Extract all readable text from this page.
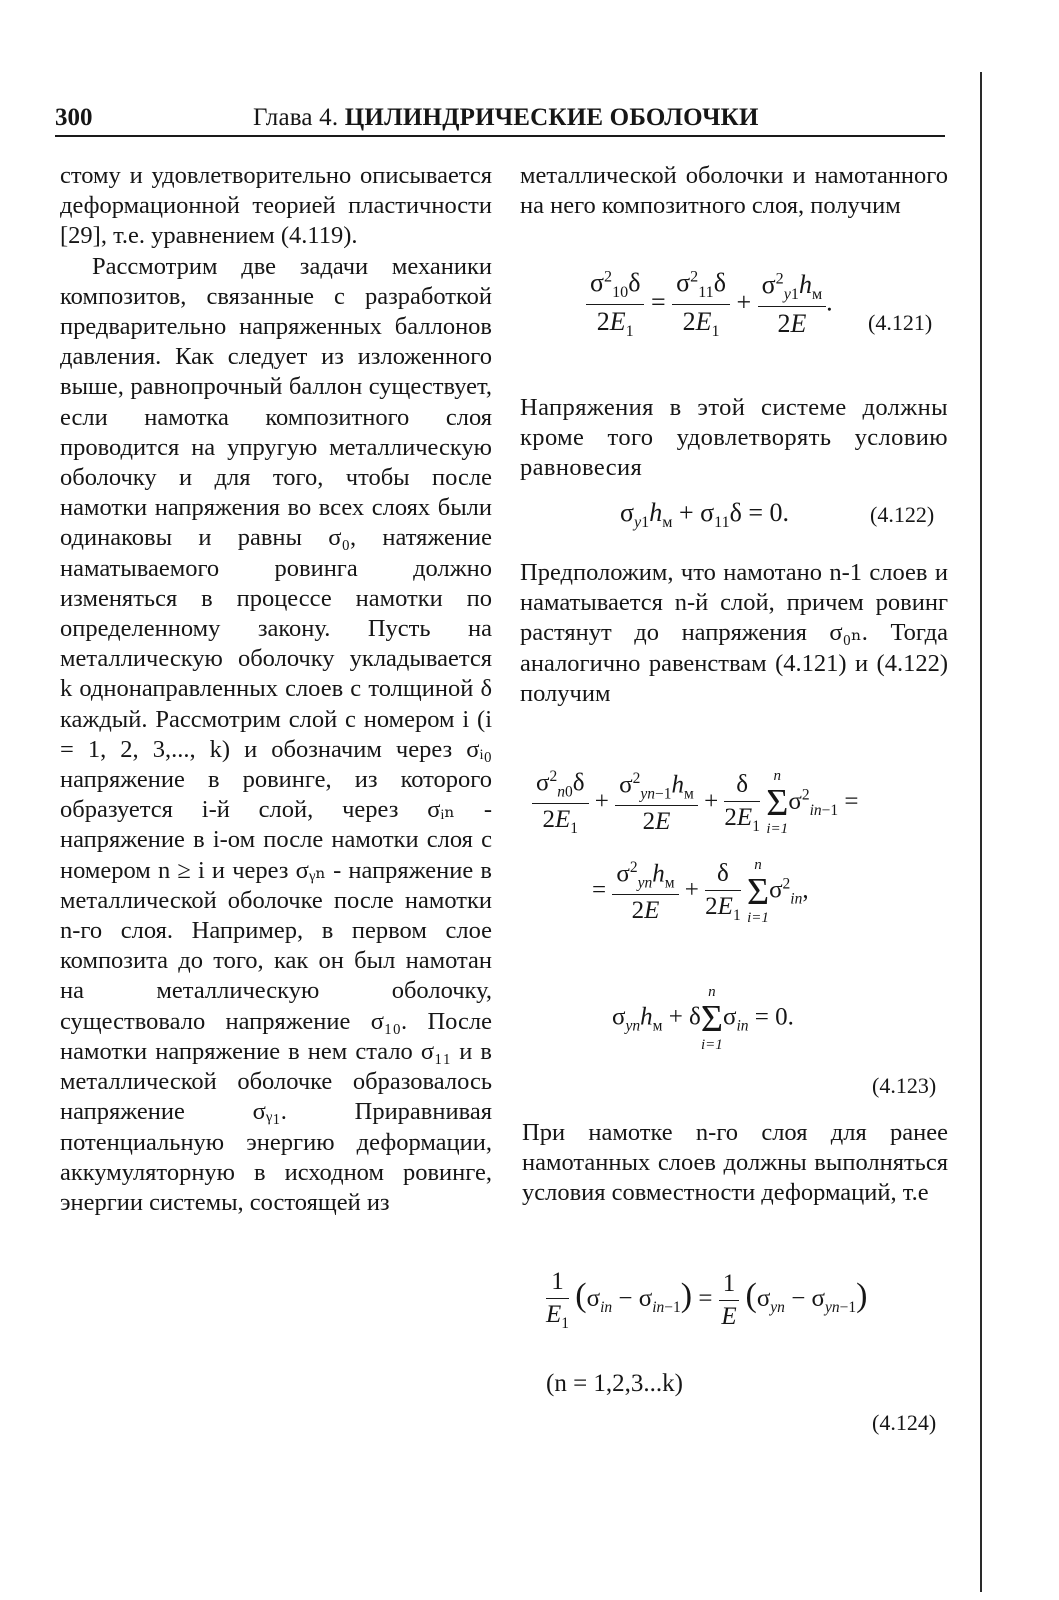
300	Глава 4. ЦИЛИНДРИЧЕСКИЕ ОБОЛОЧКИ

стому и удовлетворительно описывается деформационной теорией пластичности [29], т.е. уравнением (4.119).

Рассмотрим две задачи механики композитов, связанные с разработкой предварительно напряженных баллонов давления. Как следует из изложенного выше, равнопрочный баллон существует, если намотка композитного слоя проводится на упругую металлическую оболочку и для того, чтобы после намотки напряжения во всех слоях были одинаковы и равны σ₀, натяжение наматываемого ровинга должно изменяться в процессе намотки по определенному закону. Пусть на металлическую оболочку укладывается k однонаправленных слоев с толщиной δ каждый. Рассмотрим слой с номером i (i = 1, 2, 3,..., k) и обозначим через σᵢ₀ напряжение в ровинге, из которого образуется i-й слой, через σᵢₙ - напряжение в i-ом после намотки слоя с номером n ≥ i и через σᵧₙ - напряжение в металлической оболочке после намотки n-го слоя. Например, в первом слое композита до того, как он был намотан на металлическую оболочку, существовало напряжение σ₁₀. После намотки напряжение в нем стало σ₁₁ и в металлической оболочке образовалось напряжение σᵧ₁. Приравнивая потенциальную энергию деформации, аккумуляторную в исходном ровинге, энергии системы, состоящей из

металлической оболочки и намотанного на него композитного слоя, получим

$\frac{\sigma^2_{10}\delta}{2E_1} = \frac{\sigma^2_{11}\delta}{2E_1} + \frac{\sigma^2_{y1}h_м}{2E}$ .
(4.121)

Напряжения в этой системе должны кроме того удовлетворять условию равновесия

$\sigma_{y1}h_м + \sigma_{11}\delta = 0$.	(4.122)

Предположим, что намотано n-1 слоев и наматывается n-й слой, причем ровинг растянут до напряжения σ₀ₙ. Тогда аналогично равенствам (4.121) и (4.122) получим

$\frac{\sigma^2_{n0}\delta}{2E_1} + \frac{\sigma^2_{yn-1}h_м}{2E} + \frac{\delta}{2E_1}$
n
Σ
i=1
$\sigma^2_{in-1}$ =
= $\frac{\sigma^2_{yn}h_м}{2E} + \frac{\delta}{2E_1}$
n
Σ
i=1
$\sigma^2_{in}$,
$\sigma_{yn}h_м + \delta$
n
Σ
i=1
$\sigma_{in} = 0$.
(4.123)

При намотке n-го слоя для ранее намотанных слоев должны выполняться условия совместности деформаций, т.е

$\frac{1}{E_1} (\sigma_{in} - \sigma_{in-1}) = \frac{1}{E} (\sigma_{yn} - \sigma_{yn-1})$
(n = 1,2,3...k)
(4.124)
